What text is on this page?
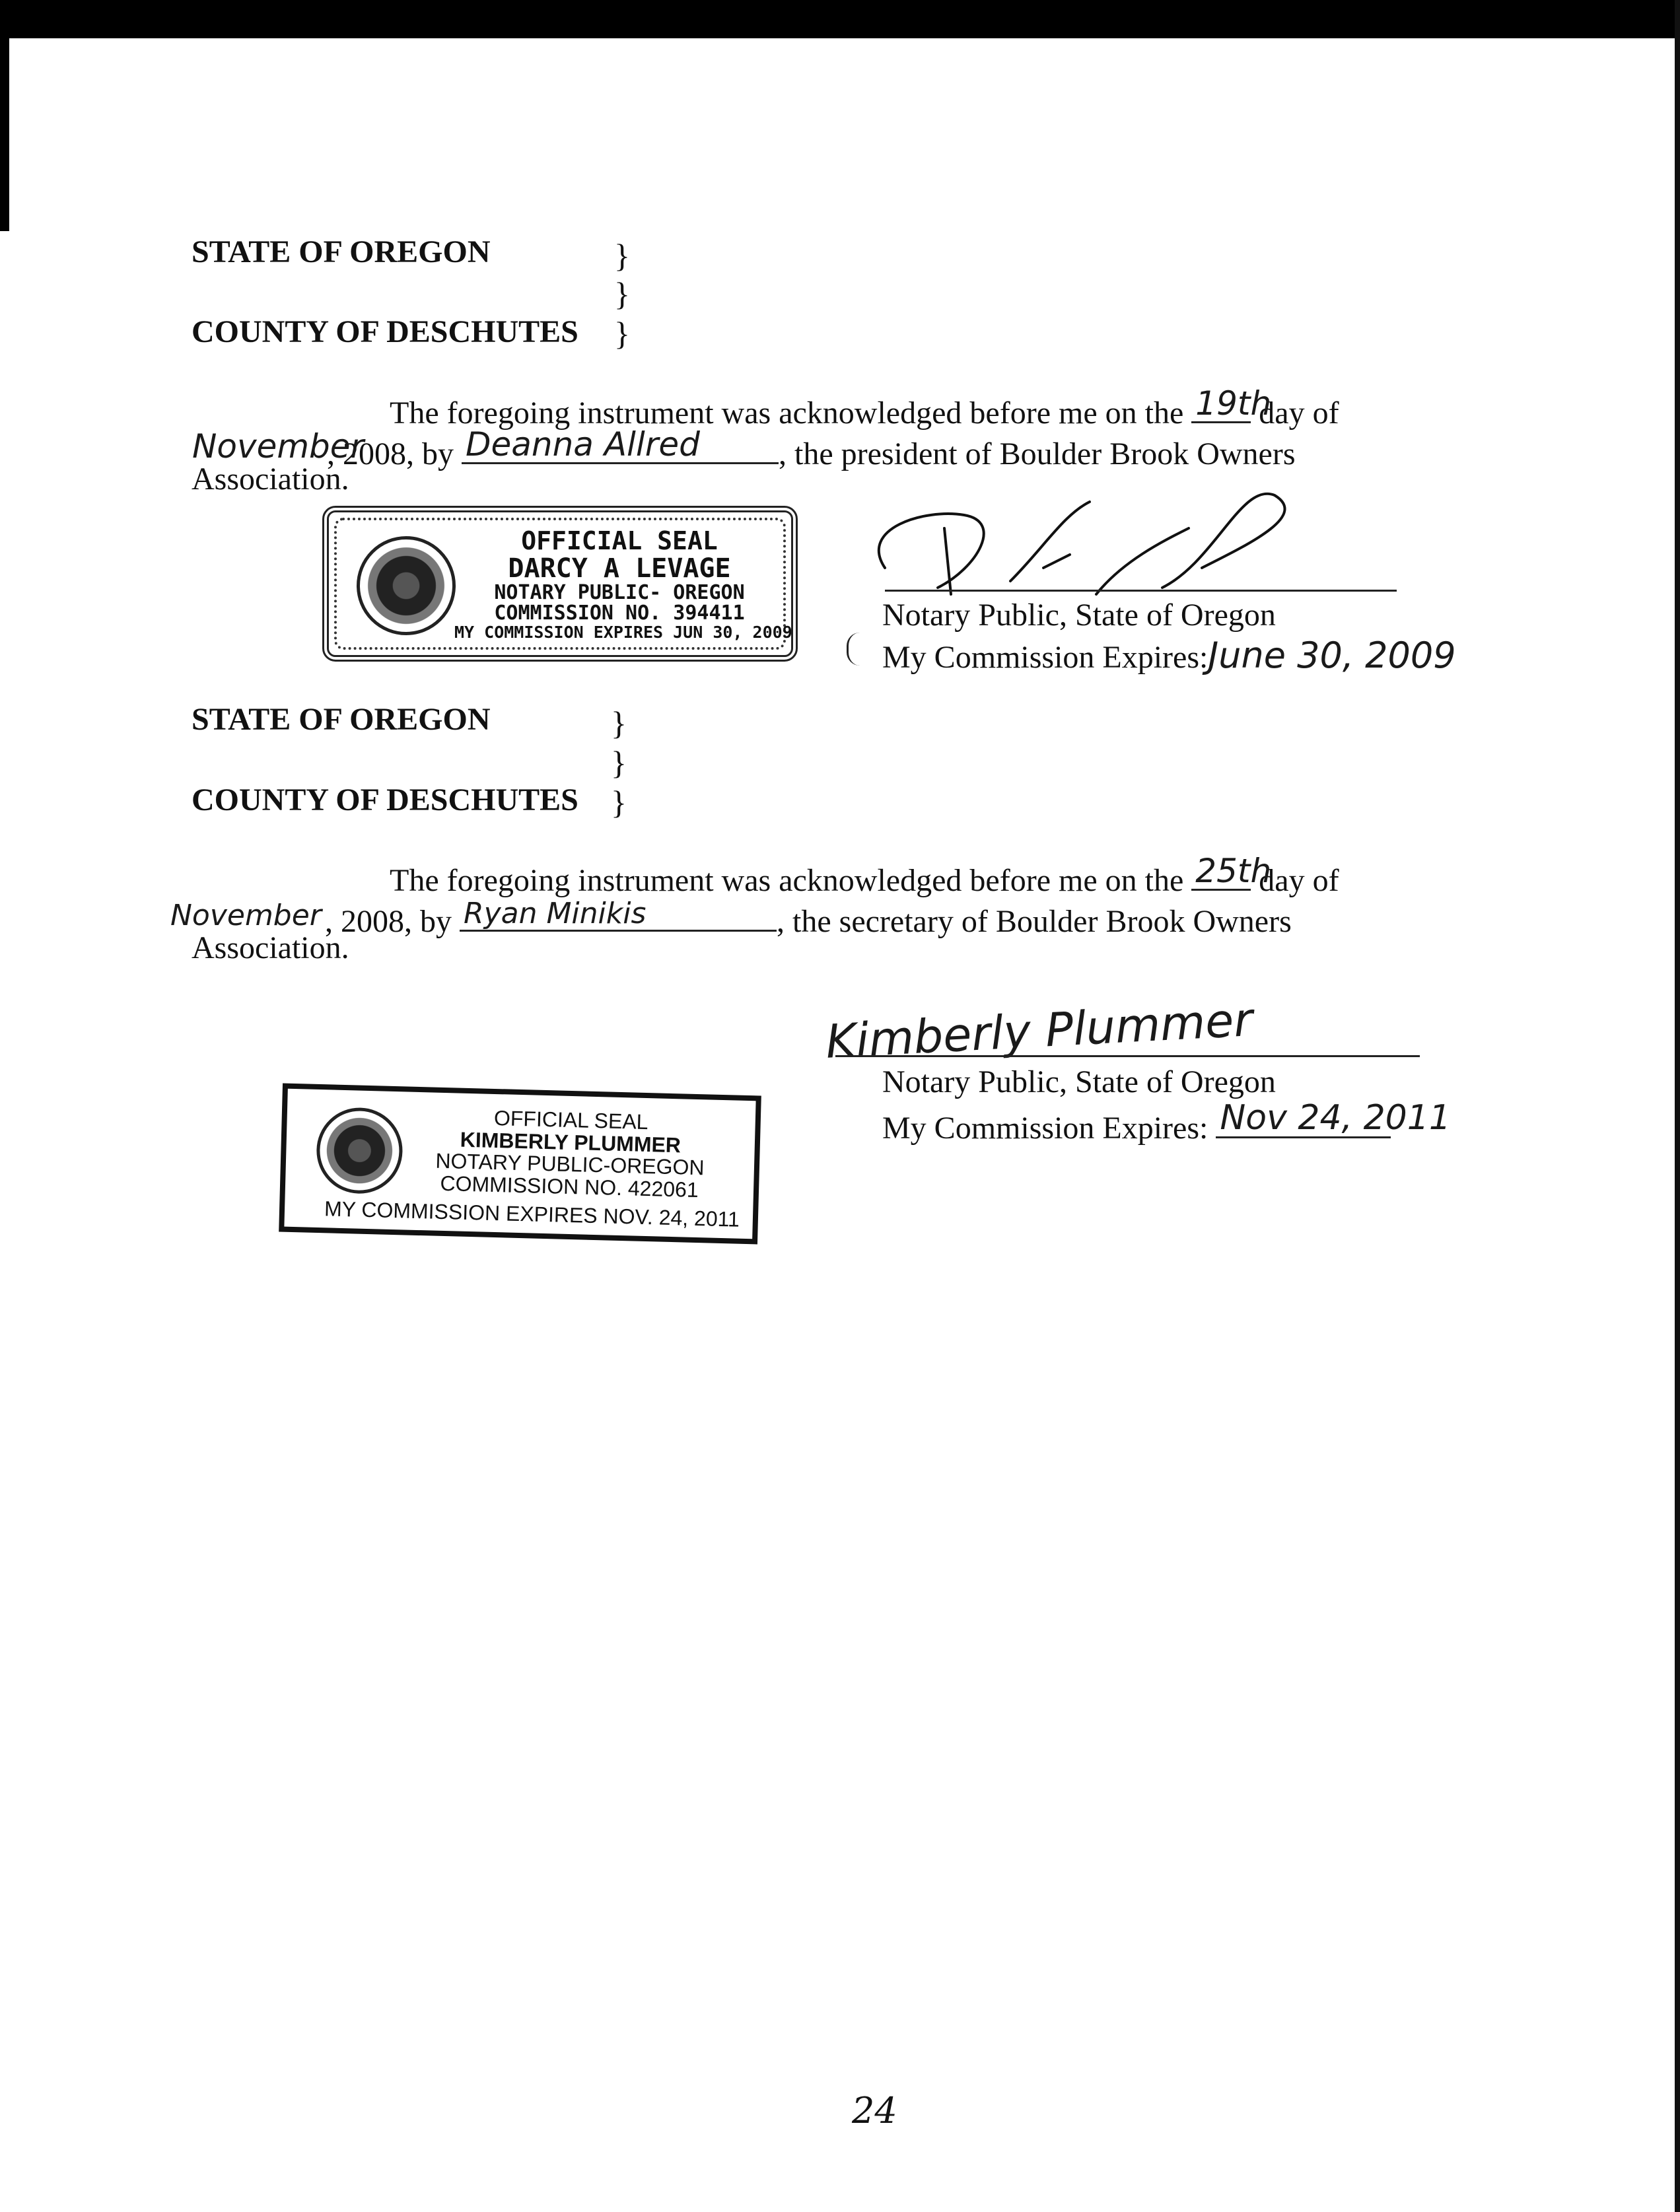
STATE OF OREGON	}
}
}
COUNTY OF DESCHUTES
The foregoing instrument was acknowledged before me on the 19th
day of
November
, 2008, by Deanna Allred , the president of Boulder Brook Owners
Association.
OFFICIAL SEAL
DARCY A LEVAGE
NOTARY PUBLIC- OREGON
COMMISSION NO. 394411
MY COMMISSION EXPIRES JUN 30, 2009	Notary Public, State of Oregon
My Commission Expires:June 30, 2009
STATE OF OREGON	}
}
}
COUNTY OF DESCHUTES
The foregoing instrument was acknowledged before me on the 25th
day of
November , 2008, by Ryan Minikis	, the secretary of Boulder Brook Owners
Association.
Kimberly Plummer
Notary Public, State of Oregon
My Commission Expires: Nov 24, 2011
OFFICIAL SEAL
KIMBERLY PLUMMER
NOTARY PUBLIC-OREGON
COMMISSION NO. 422061
MY COMMISSION EXPIRES NOV. 24, 2011
24
